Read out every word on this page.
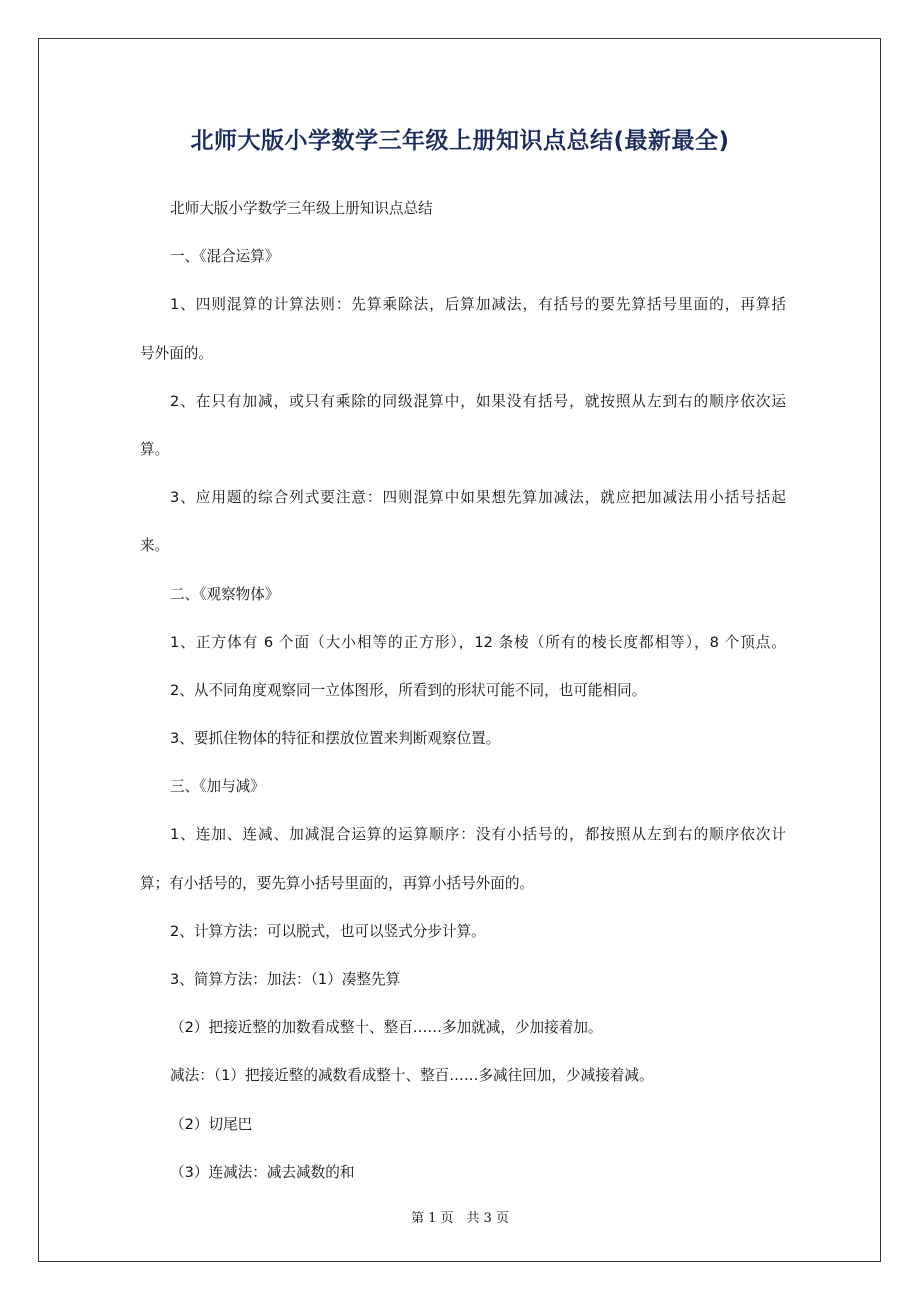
北师大版小学数学三年级上册知识点总结(最新最全)
北师大版小学数学三年级上册知识点总结
一、《混合运算》
1、四则混算的计算法则：先算乘除法，后算加减法，有括号的要先算括号里面的，再算括
号外面的。
2、在只有加减，或只有乘除的同级混算中，如果没有括号，就按照从左到右的顺序依次运
算。
3、应用题的综合列式要注意：四则混算中如果想先算加减法，就应把加减法用小括号括起
来。
二、《观察物体》
1、正方体有 6 个面（大小相等的正方形），12 条棱（所有的棱长度都相等），8 个顶点。
2、从不同角度观察同一立体图形，所看到的形状可能不同，也可能相同。
3、要抓住物体的特征和摆放位置来判断观察位置。
三、《加与减》
1、连加、连减、加减混合运算的运算顺序：没有小括号的，都按照从左到右的顺序依次计
算；有小括号的，要先算小括号里面的，再算小括号外面的。
2、计算方法：可以脱式，也可以竖式分步计算。
3、简算方法：加法：（1）凑整先算
（2）把接近整的加数看成整十、整百……多加就减，少加接着加。
减法：（1）把接近整的减数看成整十、整百……多减往回加，少减接着减。
（2）切尾巴
（3）连减法：减去减数的和
第 1 页　共 3 页
